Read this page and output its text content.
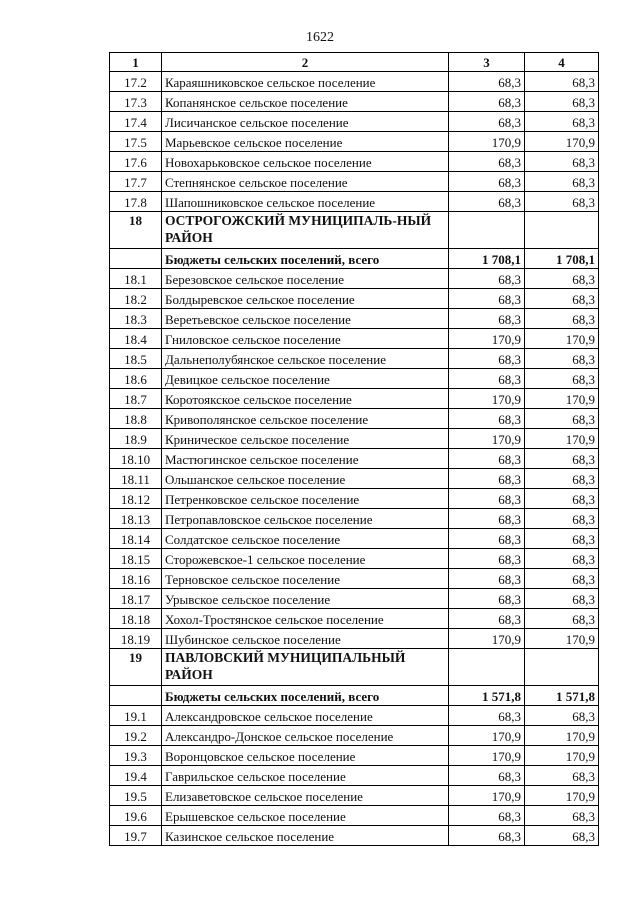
1622
1	2	3	4
17.2	Караяшниковское сельское поселение	68,3	68,3
17.3	Копанянское сельское поселение	68,3	68,3
17.4	Лисичанское сельское поселение	68,3	68,3
17.5	Марьевское сельское поселение	170,9	170,9
17.6	Новохарьковское сельское поселение	68,3	68,3
17.7	Степнянское сельское поселение	68,3	68,3
17.8	Шапошниковское сельское поселение	68,3	68,3
18	ОСТРОГОЖСКИЙ МУНИЦИПАЛЬ-НЫЙ РАЙОН		
	Бюджеты сельских поселений, всего	1 708,1	1 708,1
18.1	Березовское сельское поселение	68,3	68,3
18.2	Болдыревское сельское поселение	68,3	68,3
18.3	Веретьевское сельское поселение	68,3	68,3
18.4	Гниловское сельское поселение	170,9	170,9
18.5	Дальнеполубянское сельское поселение	68,3	68,3
18.6	Девицкое сельское поселение	68,3	68,3
18.7	Коротоякское сельское поселение	170,9	170,9
18.8	Кривополянское сельское поселение	68,3	68,3
18.9	Криничеcкое сельское поселение	170,9	170,9
18.10	Мастюгинское сельское поселение	68,3	68,3
18.11	Ольшанское сельское поселение	68,3	68,3
18.12	Петренковское сельское поселение	68,3	68,3
18.13	Петропавловское сельское поселение	68,3	68,3
18.14	Солдатское сельское поселение	68,3	68,3
18.15	Сторожевское-1 сельское поселение	68,3	68,3
18.16	Терновское сельское поселение	68,3	68,3
18.17	Урывское сельское поселение	68,3	68,3
18.18	Хохол-Тростянское сельское поселение	68,3	68,3
18.19	Шубинское сельское поселение	170,9	170,9
19	ПАВЛОВСКИЙ МУНИЦИПАЛЬНЫЙ РАЙОН		
	Бюджеты сельских поселений, всего	1 571,8	1 571,8
19.1	Александровское сельское поселение	68,3	68,3
19.2	Александро-Донское сельское поселение	170,9	170,9
19.3	Воронцовское сельское поселение	170,9	170,9
19.4	Гаврильское сельское поселение	68,3	68,3
19.5	Елизаветовское сельское поселение	170,9	170,9
19.6	Ерышевское сельское поселение	68,3	68,3
19.7	Казинское сельское поселение	68,3	68,3
